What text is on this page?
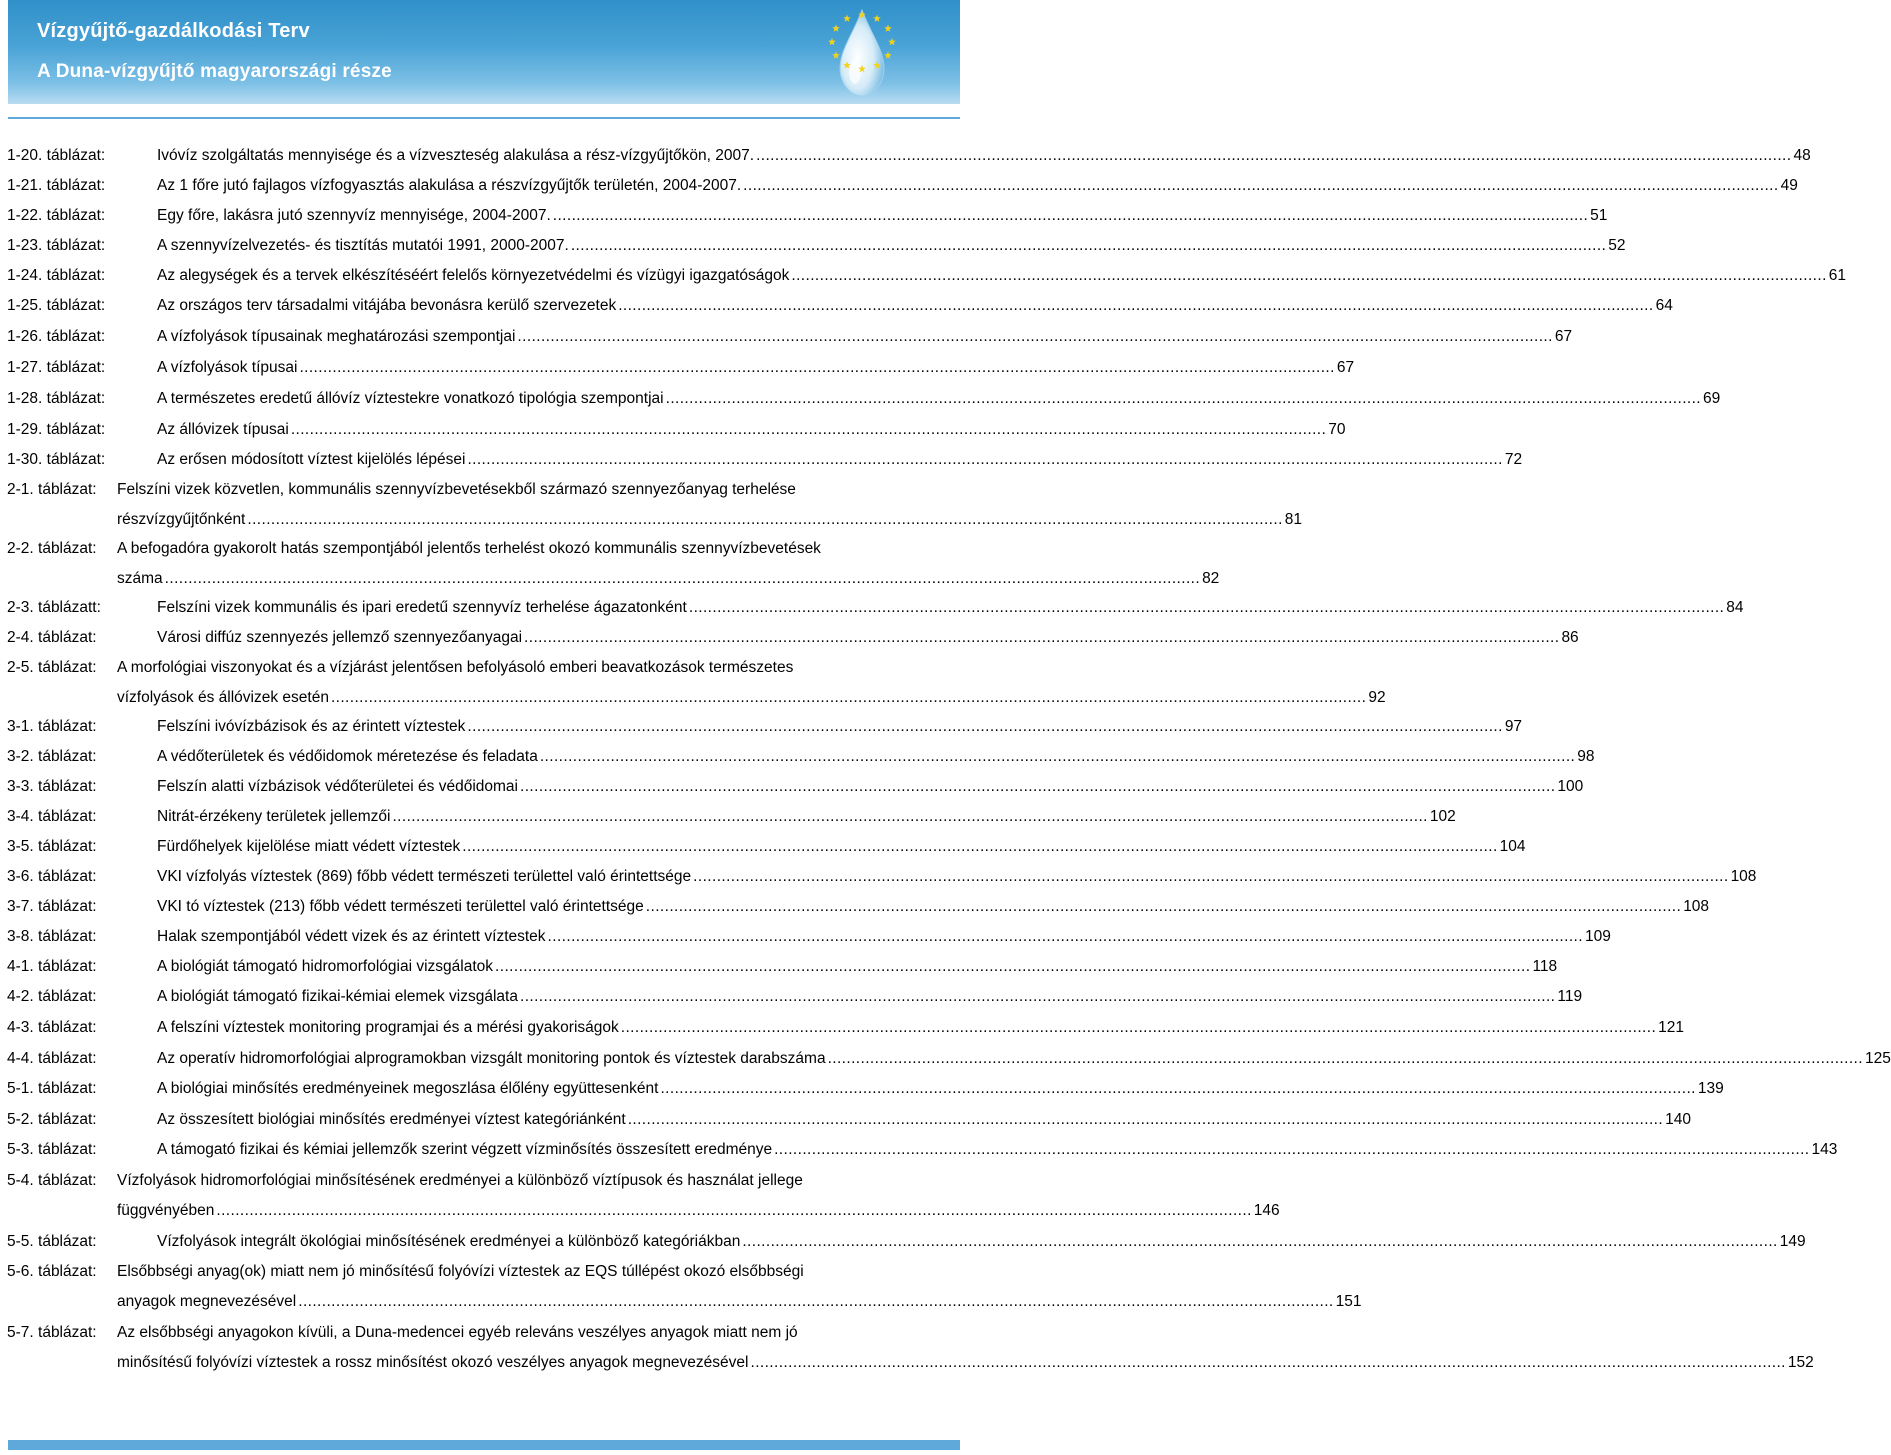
Vízgyűjtő-gazdálkodási Terv
A Duna-vízgyűjtő magyarországi része
1-20. táblázat:	Ivóvíz szolgáltatás mennyisége és a vízveszteség alakulása a rész-vízgyűjtőkön, 2007. ............................................................................................................................................................................................................................ 48
1-21. táblázat:	Az 1 főre jutó fajlagos vízfogyasztás alakulása a részvízgyűjtők területén, 2004-2007. ............................................................................................................................................................................................................................ 49
1-22. táblázat:	Egy főre, lakásra jutó szennyvíz mennyisége, 2004-2007. ............................................................................................................................................................................................................................ 51
1-23. táblázat:	A szennyvízelvezetés- és tisztítás mutatói 1991, 2000-2007. ............................................................................................................................................................................................................................ 52
1-24. táblázat:	Az alegységek és a tervek elkészítéséért felelős környezetvédelmi és vízügyi igazgatóságok ............................................................................................................................................................................................................................ 61
1-25. táblázat:	Az országos terv társadalmi vitájába bevonásra kerülő szervezetek ............................................................................................................................................................................................................................ 64
1-26. táblázat:	A vízfolyások típusainak meghatározási szempontjai ............................................................................................................................................................................................................................ 67
1-27. táblázat:	A vízfolyások típusai ............................................................................................................................................................................................................................ 67
1-28. táblázat:	A természetes eredetű állóvíz víztestekre vonatkozó tipológia szempontjai ............................................................................................................................................................................................................................ 69
1-29. táblázat:	Az állóvizek típusai ............................................................................................................................................................................................................................ 70
1-30. táblázat:	Az erősen módosított víztest kijelölés lépései ............................................................................................................................................................................................................................ 72
2-1. táblázat: Felszíni vizek közvetlen, kommunális szennyvízbevetésekből származó szennyezőanyag terhelése
részvízgyűjtőnként ............................................................................................................................................................................................................................ 81
2-2. táblázat: A befogadóra gyakorolt hatás szempontjából jelentős terhelést okozó kommunális szennyvízbevetések
száma ............................................................................................................................................................................................................................ 82
2-3. táblázatt:	Felszíni vizek kommunális és ipari eredetű szennyvíz terhelése ágazatonként ............................................................................................................................................................................................................................ 84
2-4. táblázat:	Városi diffúz szennyezés jellemző szennyezőanyagai ............................................................................................................................................................................................................................ 86
2-5. táblázat: A morfológiai viszonyokat és a vízjárást jelentősen befolyásoló emberi beavatkozások természetes
vízfolyások és állóvizek esetén ............................................................................................................................................................................................................................ 92
3-1. táblázat:	Felszíni ivóvízbázisok és az érintett víztestek ............................................................................................................................................................................................................................ 97
3-2. táblázat:	A védőterületek és védőidomok méretezése és feladata ............................................................................................................................................................................................................................ 98
3-3. táblázat:	Felszín alatti vízbázisok védőterületei és védőidomai ............................................................................................................................................................................................................................ 100
3-4. táblázat:	Nitrát-érzékeny területek jellemzői ............................................................................................................................................................................................................................ 102
3-5. táblázat:	Fürdőhelyek kijelölése miatt védett víztestek ............................................................................................................................................................................................................................ 104
3-6. táblázat:	VKI vízfolyás víztestek (869) főbb védett természeti területtel való érintettsége ............................................................................................................................................................................................................................ 108
3-7. táblázat:	VKI tó víztestek (213) főbb védett természeti területtel való érintettsége ............................................................................................................................................................................................................................ 108
3-8. táblázat:	Halak szempontjából védett vizek és az érintett víztestek ............................................................................................................................................................................................................................ 109
4-1. táblázat:	A biológiát támogató hidromorfológiai vizsgálatok ............................................................................................................................................................................................................................ 118
4-2. táblázat:	A biológiát támogató fizikai-kémiai elemek vizsgálata ............................................................................................................................................................................................................................ 119
4-3. táblázat:	A felszíni víztestek monitoring programjai és a mérési gyakoriságok ............................................................................................................................................................................................................................ 121
4-4. táblázat:	Az operatív hidromorfológiai alprogramokban vizsgált monitoring pontok és víztestek darabszáma ............................................................................................................................................................................................................................ 125
5-1. táblázat:	A biológiai minősítés eredményeinek megoszlása élőlény együttesenként ............................................................................................................................................................................................................................ 139
5-2. táblázat:	Az összesített biológiai minősítés eredményei víztest kategóriánként ............................................................................................................................................................................................................................ 140
5-3. táblázat:	A támogató fizikai és kémiai jellemzők szerint végzett vízminősítés összesített eredménye ............................................................................................................................................................................................................................ 143
5-4. táblázat: Vízfolyások hidromorfológiai minősítésének eredményei a különböző víztípusok és használat jellege
függvényében ............................................................................................................................................................................................................................ 146
5-5. táblázat:	Vízfolyások integrált ökológiai minősítésének eredményei a különböző kategóriákban ............................................................................................................................................................................................................................ 149
5-6. táblázat: Elsőbbségi anyag(ok) miatt nem jó minősítésű folyóvízi víztestek az EQS túllépést okozó elsőbbségi
anyagok megnevezésével ............................................................................................................................................................................................................................ 151
5-7. táblázat: Az elsőbbségi anyagokon kívüli, a Duna-medencei egyéb releváns veszélyes anyagok miatt nem jó
minősítésű folyóvízi víztestek a rossz minősítést okozó veszélyes anyagok megnevezésével ............................................................................................................................................................................................................................ 152
